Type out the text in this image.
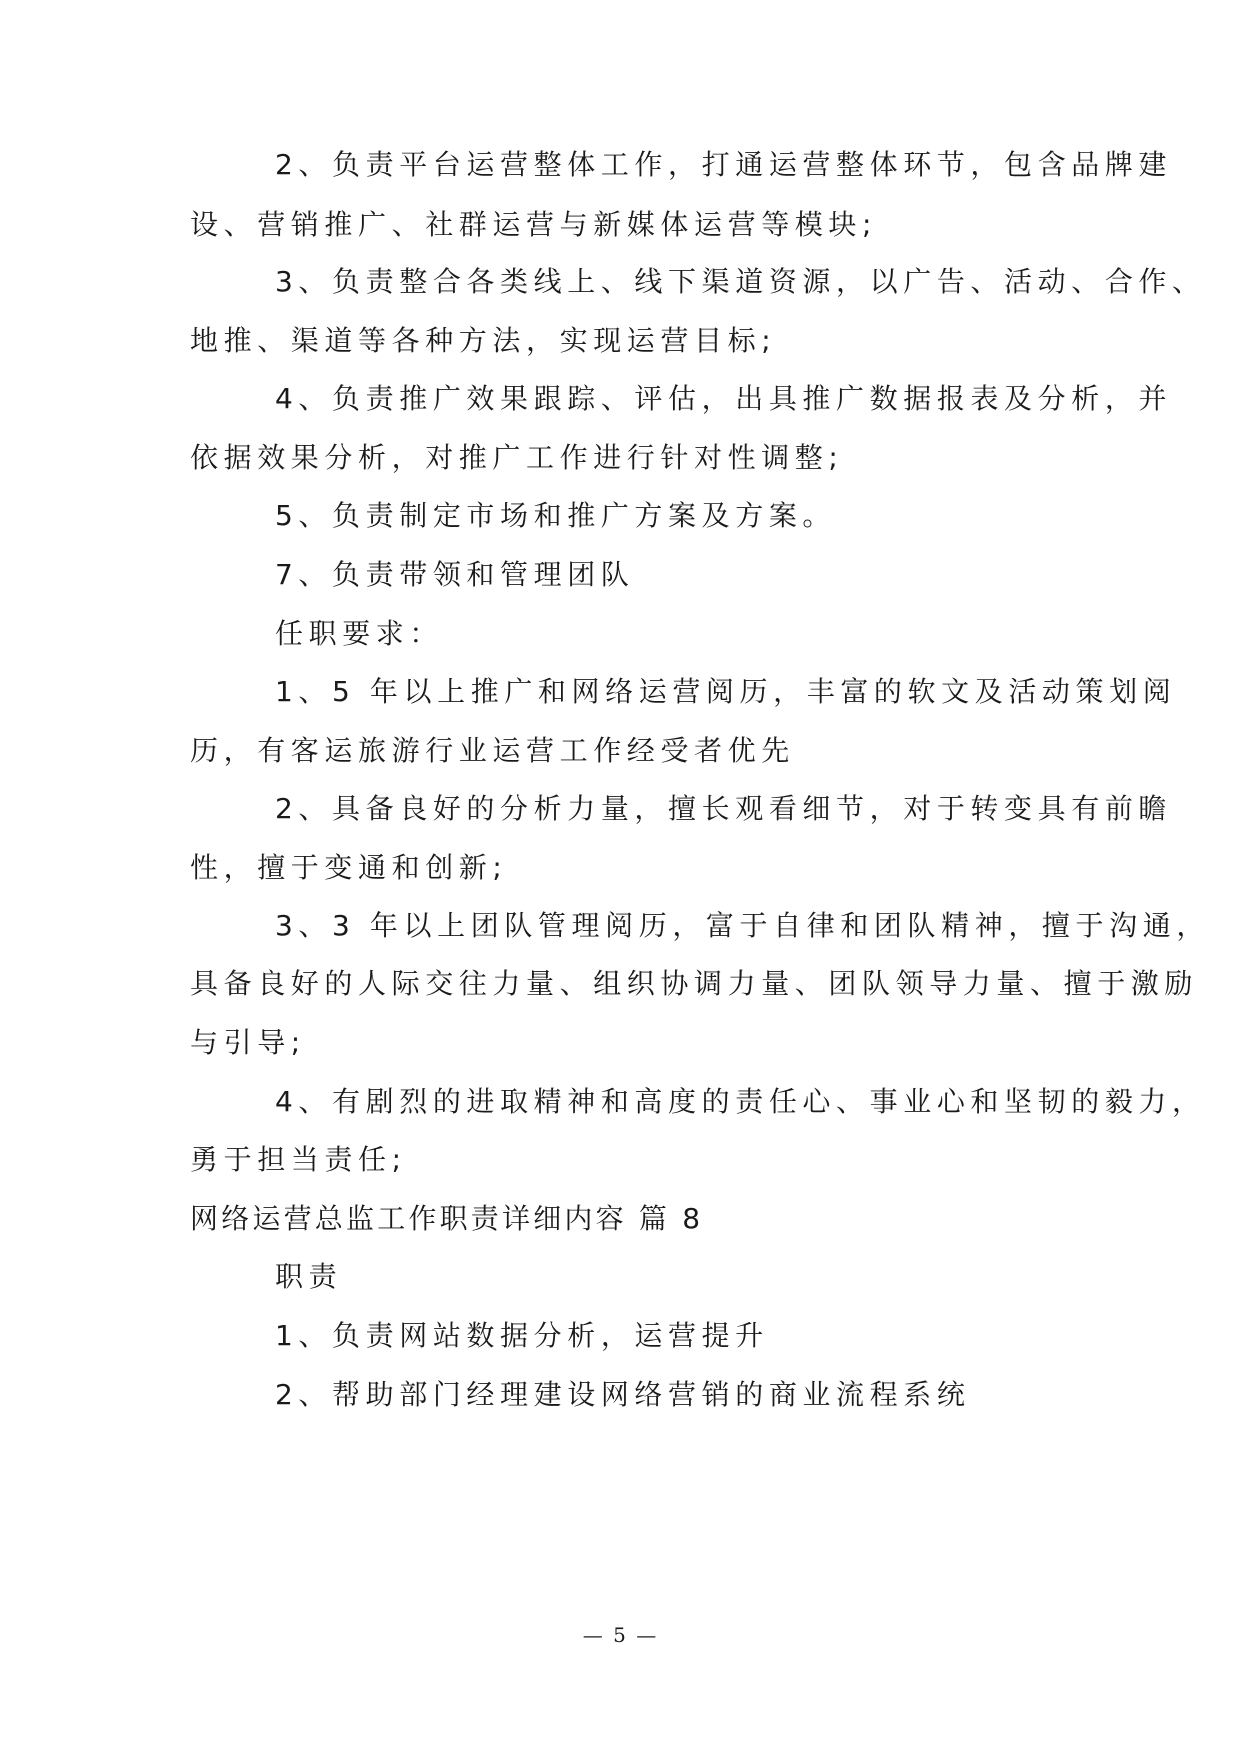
2、负责平台运营整体工作，打通运营整体环节，包含品牌建
设、营销推广、社群运营与新媒体运营等模块;
3、负责整合各类线上、线下渠道资源，以广告、活动、合作、
地推、渠道等各种方法，实现运营目标;
4、负责推广效果跟踪、评估，出具推广数据报表及分析，并
依据效果分析，对推广工作进行针对性调整;
5、负责制定市场和推广方案及方案。
7、负责带领和管理团队
任职要求：
1、5 年以上推广和网络运营阅历，丰富的软文及活动策划阅
历，有客运旅游行业运营工作经受者优先
2、具备良好的分析力量，擅长观看细节，对于转变具有前瞻
性，擅于变通和创新;
3、3 年以上团队管理阅历，富于自律和团队精神，擅于沟通，
具备良好的人际交往力量、组织协调力量、团队领导力量、擅于激励
与引导;
4、有剧烈的进取精神和高度的责任心、事业心和坚韧的毅力，
勇于担当责任;
网络运营总监工作职责详细内容 篇 8
职责
1、负责网站数据分析，运营提升
2、帮助部门经理建设网络营销的商业流程系统
— 5 —
